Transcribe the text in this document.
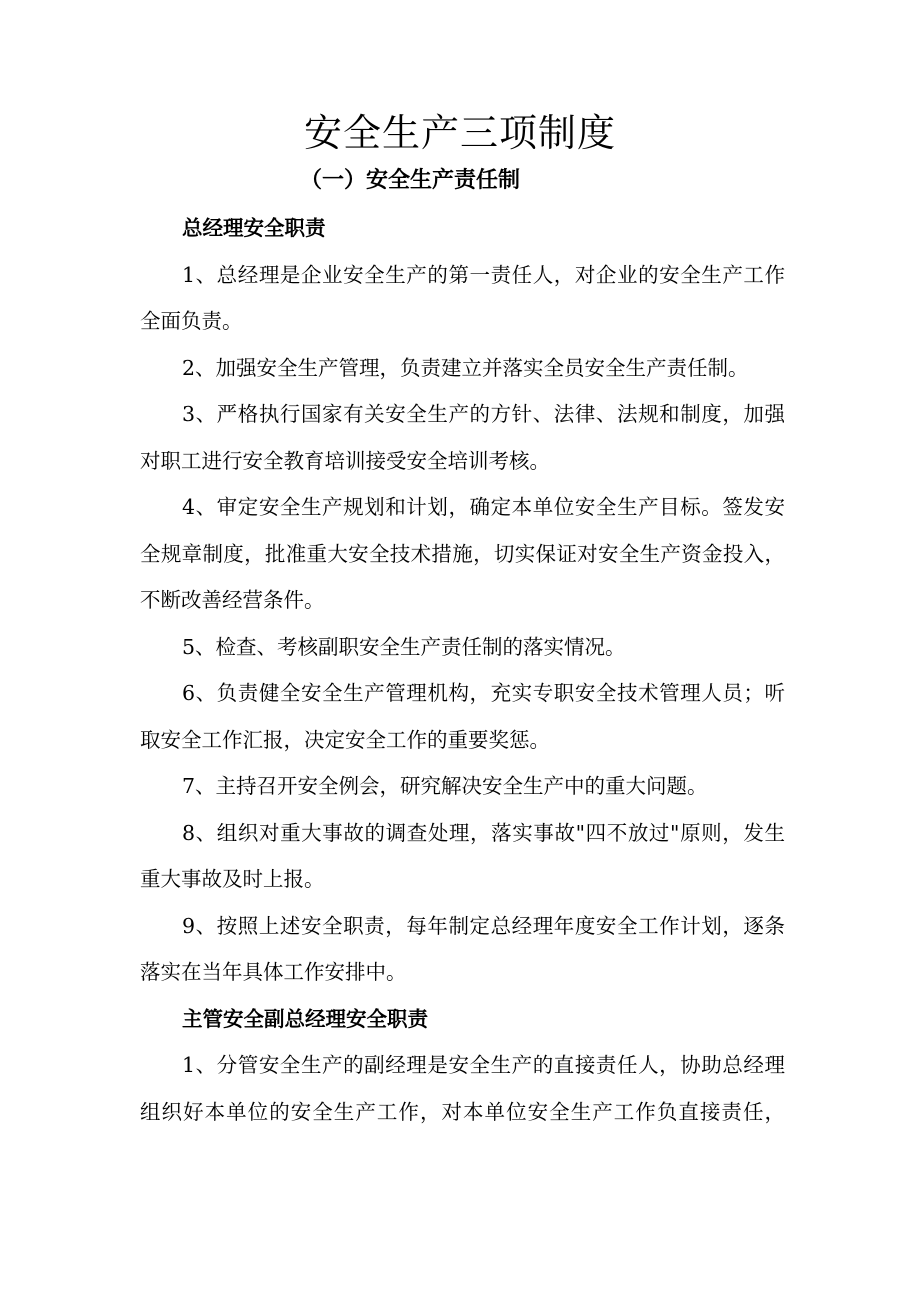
安全生产三项制度
（一）安全生产责任制

总经理安全职责

1、总经理是企业安全生产的第一责任人，对企业的安全生产工作全面负责。

2、加强安全生产管理，负责建立并落实全员安全生产责任制。

3、严格执行国家有关安全生产的方针、法律、法规和制度，加强对职工进行安全教育培训接受安全培训考核。

4、审定安全生产规划和计划，确定本单位安全生产目标。签发安全规章制度，批准重大安全技术措施，切实保证对安全生产资金投入，不断改善经营条件。

5、检查、考核副职安全生产责任制的落实情况。

6、负责健全安全生产管理机构，充实专职安全技术管理人员；听取安全工作汇报，决定安全工作的重要奖惩。

7、主持召开安全例会，研究解决安全生产中的重大问题。

8、组织对重大事故的调查处理，落实事故"四不放过"原则，发生重大事故及时上报。

9、按照上述安全职责，每年制定总经理年度安全工作计划，逐条落实在当年具体工作安排中。

主管安全副总经理安全职责

1、分管安全生产的副经理是安全生产的直接责任人，协助总经理组织好本单位的安全生产工作，对本单位安全生产工作负直接责任，
